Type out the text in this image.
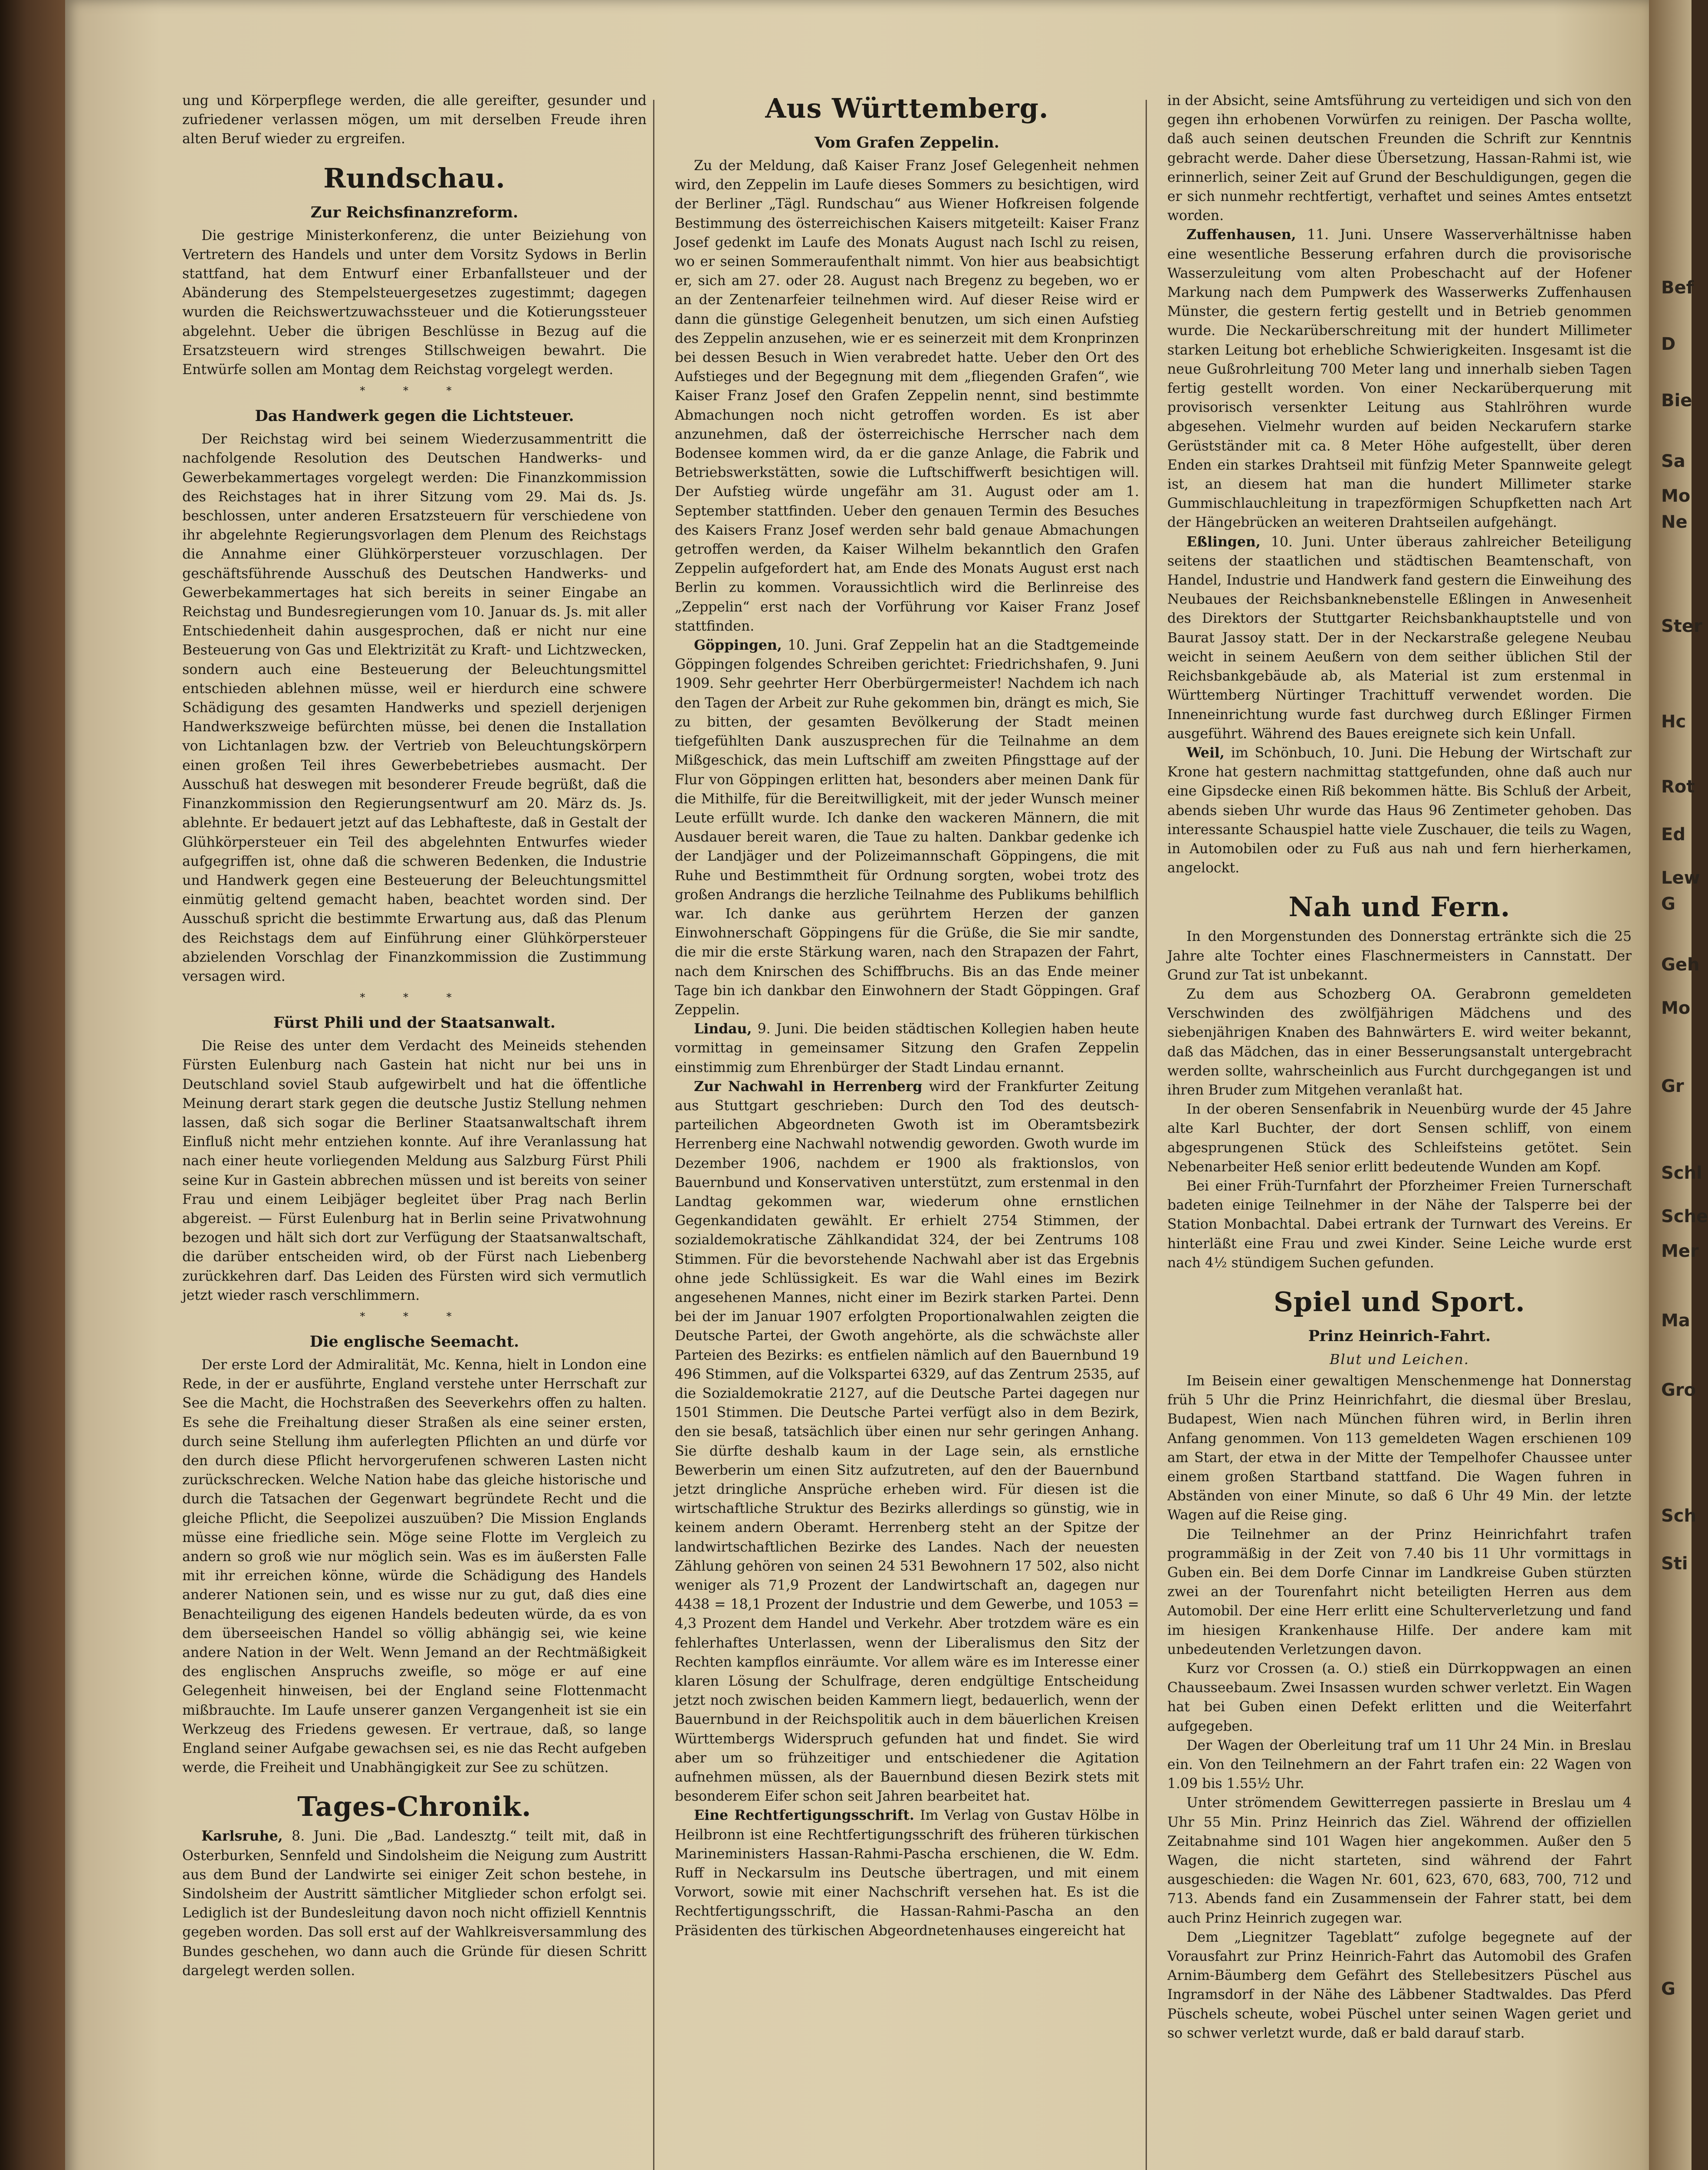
ung und Körperpflege werden, die alle gereifter, gesunder und zufriedener verlassen mögen, um mit derselben Freude ihren alten Beruf wieder zu ergreifen.

Rundschau.
Zur Reichsfinanzreform.

Die gestrige Ministerkonferenz, die unter Beiziehung von Vertretern des Handels und unter dem Vorsitz Sydows in Berlin stattfand, hat dem Entwurf einer Erbanfallsteuer und der Abänderung des Stempelsteuergesetzes zugestimmt; dagegen wurden die Reichswertzuwachssteuer und die Kotierungssteuer abgelehnt. Ueber die übrigen Beschlüsse in Bezug auf die Ersatzsteuern wird strenges Stillschweigen bewahrt. Die Entwürfe sollen am Montag dem Reichstag vorgelegt werden.

* * *
Das Handwerk gegen die Lichtsteuer.

Der Reichstag wird bei seinem Wiederzusammentritt die nachfolgende Resolution des Deutschen Handwerks- und Gewerbekammertages vorgelegt werden: Die Finanzkommission des Reichstages hat in ihrer Sitzung vom 29. Mai ds. Js. beschlossen, unter anderen Ersatzsteuern für verschiedene von ihr abgelehnte Regierungsvorlagen dem Plenum des Reichstags die Annahme einer Glühkörpersteuer vorzuschlagen. Der geschäftsführende Ausschuß des Deutschen Handwerks- und Gewerbekammertages hat sich bereits in seiner Eingabe an Reichstag und Bundesregierungen vom 10. Januar ds. Js. mit aller Entschiedenheit dahin ausgesprochen, daß er nicht nur eine Besteuerung von Gas und Elektrizität zu Kraft- und Lichtzwecken, sondern auch eine Besteuerung der Beleuchtungsmittel entschieden ablehnen müsse, weil er hierdurch eine schwere Schädigung des gesamten Handwerks und speziell derjenigen Handwerkszweige befürchten müsse, bei denen die Installation von Lichtanlagen bzw. der Vertrieb von Beleuchtungskörpern einen großen Teil ihres Gewerbebetriebes ausmacht. Der Ausschuß hat deswegen mit besonderer Freude begrüßt, daß die Finanzkommission den Regierungsentwurf am 20. März ds. Js. ablehnte. Er bedauert jetzt auf das Lebhafteste, daß in Gestalt der Glühkörpersteuer ein Teil des abgelehnten Entwurfes wieder aufgegriffen ist, ohne daß die schweren Bedenken, die Industrie und Handwerk gegen eine Besteuerung der Beleuchtungsmittel einmütig geltend gemacht haben, beachtet worden sind. Der Ausschuß spricht die bestimmte Erwartung aus, daß das Plenum des Reichstags dem auf Einführung einer Glühkörpersteuer abzielenden Vorschlag der Finanzkommission die Zustimmung versagen wird.

* * *
Fürst Phili und der Staatsanwalt.

Die Reise des unter dem Verdacht des Meineids stehenden Fürsten Eulenburg nach Gastein hat nicht nur bei uns in Deutschland soviel Staub aufgewirbelt und hat die öffentliche Meinung derart stark gegen die deutsche Justiz Stellung nehmen lassen, daß sich sogar die Berliner Staatsanwaltschaft ihrem Einfluß nicht mehr entziehen konnte. Auf ihre Veranlassung hat nach einer heute vorliegenden Meldung aus Salzburg Fürst Phili seine Kur in Gastein abbrechen müssen und ist bereits von seiner Frau und einem Leibjäger begleitet über Prag nach Berlin abgereist. — Fürst Eulenburg hat in Berlin seine Privatwohnung bezogen und hält sich dort zur Verfügung der Staatsanwaltschaft, die darüber entscheiden wird, ob der Fürst nach Liebenberg zurückkehren darf. Das Leiden des Fürsten wird sich vermutlich jetzt wieder rasch verschlimmern.

* * *
Die englische Seemacht.

Der erste Lord der Admiralität, Mc. Kenna, hielt in London eine Rede, in der er ausführte, England verstehe unter Herrschaft zur See die Macht, die Hochstraßen des Seeverkehrs offen zu halten. Es sehe die Freihaltung dieser Straßen als eine seiner ersten, durch seine Stellung ihm auferlegten Pflichten an und dürfe vor den durch diese Pflicht hervorgerufenen schweren Lasten nicht zurückschrecken. Welche Nation habe das gleiche historische und durch die Tatsachen der Gegenwart begründete Recht und die gleiche Pflicht, die Seepolizei auszuüben? Die Mission Englands müsse eine friedliche sein. Möge seine Flotte im Vergleich zu andern so groß wie nur möglich sein. Was es im äußersten Falle mit ihr erreichen könne, würde die Schädigung des Handels anderer Nationen sein, und es wisse nur zu gut, daß dies eine Benachteiligung des eigenen Handels bedeuten würde, da es von dem überseeischen Handel so völlig abhängig sei, wie keine andere Nation in der Welt. Wenn Jemand an der Rechtmäßigkeit des englischen Anspruchs zweifle, so möge er auf eine Gelegenheit hinweisen, bei der England seine Flottenmacht mißbrauchte. Im Laufe unserer ganzen Vergangenheit ist sie ein Werkzeug des Friedens gewesen. Er vertraue, daß, so lange England seiner Aufgabe gewachsen sei, es nie das Recht aufgeben werde, die Freiheit und Unabhängigkeit zur See zu schützen.

Tages-Chronik.

Karlsruhe, 8. Juni. Die „Bad. Landesztg.“ teilt mit, daß in Osterburken, Sennfeld und Sindolsheim die Neigung zum Austritt aus dem Bund der Landwirte sei einiger Zeit schon bestehe, in Sindolsheim der Austritt sämtlicher Mitglieder schon erfolgt sei. Lediglich ist der Bundesleitung davon noch nicht offiziell Kenntnis gegeben worden. Das soll erst auf der Wahlkreisversammlung des Bundes geschehen, wo dann auch die Gründe für diesen Schritt dargelegt werden sollen.

Aus Württemberg.
Vom Grafen Zeppelin.

Zu der Meldung, daß Kaiser Franz Josef Gelegenheit nehmen wird, den Zeppelin im Laufe dieses Sommers zu besichtigen, wird der Berliner „Tägl. Rundschau“ aus Wiener Hofkreisen folgende Bestimmung des österreichischen Kaisers mitgeteilt: Kaiser Franz Josef gedenkt im Laufe des Monats August nach Ischl zu reisen, wo er seinen Sommeraufenthalt nimmt. Von hier aus beabsichtigt er, sich am 27. oder 28. August nach Bregenz zu begeben, wo er an der Zentenarfeier teilnehmen wird. Auf dieser Reise wird er dann die günstige Gelegenheit benutzen, um sich einen Aufstieg des Zeppelin anzusehen, wie er es seinerzeit mit dem Kronprinzen bei dessen Besuch in Wien verabredet hatte. Ueber den Ort des Aufstieges und der Begegnung mit dem „fliegenden Grafen“, wie Kaiser Franz Josef den Grafen Zeppelin nennt, sind bestimmte Abmachungen noch nicht getroffen worden. Es ist aber anzunehmen, daß der österreichische Herrscher nach dem Bodensee kommen wird, da er die ganze Anlage, die Fabrik und Betriebswerkstätten, sowie die Luftschiffwerft besichtigen will. Der Aufstieg würde ungefähr am 31. August oder am 1. September stattfinden. Ueber den genauen Termin des Besuches des Kaisers Franz Josef werden sehr bald genaue Abmachungen getroffen werden, da Kaiser Wilhelm bekanntlich den Grafen Zeppelin aufgefordert hat, am Ende des Monats August erst nach Berlin zu kommen. Voraussichtlich wird die Berlinreise des „Zeppelin“ erst nach der Vorführung vor Kaiser Franz Josef stattfinden.

Göppingen, 10. Juni. Graf Zeppelin hat an die Stadtgemeinde Göppingen folgendes Schreiben gerichtet: Friedrichshafen, 9. Juni 1909. Sehr geehrter Herr Oberbürgermeister! Nachdem ich nach den Tagen der Arbeit zur Ruhe gekommen bin, drängt es mich, Sie zu bitten, der gesamten Bevölkerung der Stadt meinen tiefgefühlten Dank auszusprechen für die Teilnahme an dem Mißgeschick, das mein Luftschiff am zweiten Pfingsttage auf der Flur von Göppingen erlitten hat, besonders aber meinen Dank für die Mithilfe, für die Bereitwilligkeit, mit der jeder Wunsch meiner Leute erfüllt wurde. Ich danke den wackeren Männern, die mit Ausdauer bereit waren, die Taue zu halten. Dankbar gedenke ich der Landjäger und der Polizeimannschaft Göppingens, die mit Ruhe und Bestimmtheit für Ordnung sorgten, wobei trotz des großen Andrangs die herzliche Teilnahme des Publikums behilflich war. Ich danke aus gerührtem Herzen der ganzen Einwohnerschaft Göppingens für die Grüße, die Sie mir sandte, die mir die erste Stärkung waren, nach den Strapazen der Fahrt, nach dem Knirschen des Schiffbruchs. Bis an das Ende meiner Tage bin ich dankbar den Einwohnern der Stadt Göppingen. Graf Zeppelin.

Lindau, 9. Juni. Die beiden städtischen Kollegien haben heute vormittag in gemeinsamer Sitzung den Grafen Zeppelin einstimmig zum Ehrenbürger der Stadt Lindau ernannt.

Zur Nachwahl in Herrenberg wird der Frankfurter Zeitung aus Stuttgart geschrieben: Durch den Tod des deutsch-parteilichen Abgeordneten Gwoth ist im Oberamtsbezirk Herrenberg eine Nachwahl notwendig geworden. Gwoth wurde im Dezember 1906, nachdem er 1900 als fraktionslos, von Bauernbund und Konservativen unterstützt, zum erstenmal in den Landtag gekommen war, wiederum ohne ernstlichen Gegenkandidaten gewählt. Er erhielt 2754 Stimmen, der sozialdemokratische Zählkandidat 324, der bei Zentrums 108 Stimmen. Für die bevorstehende Nachwahl aber ist das Ergebnis ohne jede Schlüssigkeit. Es war die Wahl eines im Bezirk angesehenen Mannes, nicht einer im Bezirk starken Partei. Denn bei der im Januar 1907 erfolgten Proportionalwahlen zeigten die Deutsche Partei, der Gwoth angehörte, als die schwächste aller Parteien des Bezirks: es entfielen nämlich auf den Bauernbund 19 496 Stimmen, auf die Volkspartei 6329, auf das Zentrum 2535, auf die Sozialdemokratie 2127, auf die Deutsche Partei dagegen nur 1501 Stimmen. Die Deutsche Partei verfügt also in dem Bezirk, den sie besaß, tatsächlich über einen nur sehr geringen Anhang. Sie dürfte deshalb kaum in der Lage sein, als ernstliche Bewerberin um einen Sitz aufzutreten, auf den der Bauernbund jetzt dringliche Ansprüche erheben wird. Für diesen ist die wirtschaftliche Struktur des Bezirks allerdings so günstig, wie in keinem andern Oberamt. Herrenberg steht an der Spitze der landwirtschaftlichen Bezirke des Landes. Nach der neuesten Zählung gehören von seinen 24 531 Bewohnern 17 502, also nicht weniger als 71,9 Prozent der Landwirtschaft an, dagegen nur 4438 = 18,1 Prozent der Industrie und dem Gewerbe, und 1053 = 4,3 Prozent dem Handel und Verkehr. Aber trotzdem wäre es ein fehlerhaftes Unterlassen, wenn der Liberalismus den Sitz der Rechten kampflos einräumte. Vor allem wäre es im Interesse einer klaren Lösung der Schulfrage, deren endgültige Entscheidung jetzt noch zwischen beiden Kammern liegt, bedauerlich, wenn der Bauernbund in der Reichspolitik auch in dem bäuerlichen Kreisen Württembergs Widerspruch gefunden hat und findet. Sie wird aber um so frühzeitiger und entschiedener die Agitation aufnehmen müssen, als der Bauernbund diesen Bezirk stets mit besonderem Eifer schon seit Jahren bearbeitet hat.

Eine Rechtfertigungsschrift. Im Verlag von Gustav Hölbe in Heilbronn ist eine Rechtfertigungsschrift des früheren türkischen Marineministers Hassan-Rahmi-Pascha erschienen, die W. Edm. Ruff in Neckarsulm ins Deutsche übertragen, und mit einem Vorwort, sowie mit einer Nachschrift versehen hat. Es ist die Rechtfertigungsschrift, die Hassan-Rahmi-Pascha an den Präsidenten des türkischen Abgeordnetenhauses eingereicht hat

in der Absicht, seine Amtsführung zu verteidigen und sich von den gegen ihn erhobenen Vorwürfen zu reinigen. Der Pascha wollte, daß auch seinen deutschen Freunden die Schrift zur Kenntnis gebracht werde. Daher diese Übersetzung, Hassan-Rahmi ist, wie erinnerlich, seiner Zeit auf Grund der Beschuldigungen, gegen die er sich nunmehr rechtfertigt, verhaftet und seines Amtes entsetzt worden.

Zuffenhausen, 11. Juni. Unsere Wasserverhältnisse haben eine wesentliche Besserung erfahren durch die provisorische Wasserzuleitung vom alten Probeschacht auf der Hofener Markung nach dem Pumpwerk des Wasserwerks Zuffenhausen Münster, die gestern fertig gestellt und in Betrieb genommen wurde. Die Neckarüberschreitung mit der hundert Millimeter starken Leitung bot erhebliche Schwierigkeiten. Insgesamt ist die neue Gußrohrleitung 700 Meter lang und innerhalb sieben Tagen fertig gestellt worden. Von einer Neckarüberquerung mit provisorisch versenkter Leitung aus Stahlröhren wurde abgesehen. Vielmehr wurden auf beiden Neckarufern starke Gerüstständer mit ca. 8 Meter Höhe aufgestellt, über deren Enden ein starkes Drahtseil mit fünfzig Meter Spannweite gelegt ist, an diesem hat man die hundert Millimeter starke Gummischlauchleitung in trapezförmigen Schupfketten nach Art der Hängebrücken an weiteren Drahtseilen aufgehängt.

Eßlingen, 10. Juni. Unter überaus zahlreicher Beteiligung seitens der staatlichen und städtischen Beamtenschaft, von Handel, Industrie und Handwerk fand gestern die Einweihung des Neubaues der Reichsbanknebenstelle Eßlingen in Anwesenheit des Direktors der Stuttgarter Reichsbankhauptstelle und von Baurat Jassoy statt. Der in der Neckarstraße gelegene Neubau weicht in seinem Aeußern von dem seither üblichen Stil der Reichsbankgebäude ab, als Material ist zum erstenmal in Württemberg Nürtinger Trachittuff verwendet worden. Die Inneneinrichtung wurde fast durchweg durch Eßlinger Firmen ausgeführt. Während des Baues ereignete sich kein Unfall.

Weil, im Schönbuch, 10. Juni. Die Hebung der Wirtschaft zur Krone hat gestern nachmittag stattgefunden, ohne daß auch nur eine Gipsdecke einen Riß bekommen hätte. Bis Schluß der Arbeit, abends sieben Uhr wurde das Haus 96 Zentimeter gehoben. Das interessante Schauspiel hatte viele Zuschauer, die teils zu Wagen, in Automobilen oder zu Fuß aus nah und fern hierherkamen, angelockt.

Nah und Fern.

In den Morgenstunden des Donnerstag ertränkte sich die 25 Jahre alte Tochter eines Flaschnermeisters in Cannstatt. Der Grund zur Tat ist unbekannt.

Zu dem aus Schozberg OA. Gerabronn gemeldeten Verschwinden des zwölfjährigen Mädchens und des siebenjährigen Knaben des Bahnwärters E. wird weiter bekannt, daß das Mädchen, das in einer Besserungsanstalt untergebracht werden sollte, wahrscheinlich aus Furcht durchgegangen ist und ihren Bruder zum Mitgehen veranlaßt hat.

In der oberen Sensenfabrik in Neuenbürg wurde der 45 Jahre alte Karl Buchter, der dort Sensen schliff, von einem abgesprungenen Stück des Schleifsteins getötet. Sein Nebenarbeiter Heß senior erlitt bedeutende Wunden am Kopf.

Bei einer Früh-Turnfahrt der Pforzheimer Freien Turnerschaft badeten einige Teilnehmer in der Nähe der Talsperre bei der Station Monbachtal. Dabei ertrank der Turnwart des Vereins. Er hinterläßt eine Frau und zwei Kinder. Seine Leiche wurde erst nach 4½ stündigem Suchen gefunden.

Spiel und Sport.
Prinz Heinrich-Fahrt.
Blut und Leichen.

Im Beisein einer gewaltigen Menschenmenge hat Donnerstag früh 5 Uhr die Prinz Heinrichfahrt, die diesmal über Breslau, Budapest, Wien nach München führen wird, in Berlin ihren Anfang genommen. Von 113 gemeldeten Wagen erschienen 109 am Start, der etwa in der Mitte der Tempelhofer Chaussee unter einem großen Startband stattfand. Die Wagen fuhren in Abständen von einer Minute, so daß 6 Uhr 49 Min. der letzte Wagen auf die Reise ging.

Die Teilnehmer an der Prinz Heinrichfahrt trafen programmäßig in der Zeit von 7.40 bis 11 Uhr vormittags in Guben ein. Bei dem Dorfe Cinnar im Landkreise Guben stürzten zwei an der Tourenfahrt nicht beteiligten Herren aus dem Automobil. Der eine Herr erlitt eine Schulterverletzung und fand im hiesigen Krankenhause Hilfe. Der andere kam mit unbedeutenden Verletzungen davon.

Kurz vor Crossen (a. O.) stieß ein Dürrkoppwagen an einen Chausseebaum. Zwei Insassen wurden schwer verletzt. Ein Wagen hat bei Guben einen Defekt erlitten und die Weiterfahrt aufgegeben.

Der Wagen der Oberleitung traf um 11 Uhr 24 Min. in Breslau ein. Von den Teilnehmern an der Fahrt trafen ein: 22 Wagen von 1.09 bis 1.55½ Uhr.

Unter strömendem Gewitterregen passierte in Breslau um 4 Uhr 55 Min. Prinz Heinrich das Ziel. Während der offiziellen Zeitabnahme sind 101 Wagen hier angekommen. Außer den 5 Wagen, die nicht starteten, sind während der Fahrt ausgeschieden: die Wagen Nr. 601, 623, 670, 683, 700, 712 und 713. Abends fand ein Zusammensein der Fahrer statt, bei dem auch Prinz Heinrich zugegen war.

Dem „Liegnitzer Tageblatt“ zufolge begegnete auf der Vorausfahrt zur Prinz Heinrich-Fahrt das Automobil des Grafen Arnim-Bäumberg dem Gefährt des Stellebesitzers Püschel aus Ingramsdorf in der Nähe des Läbbener Stadtwaldes. Das Pferd Püschels scheute, wobei Püschel unter seinen Wagen geriet und so schwer verletzt wurde, daß er bald darauf starb.

Bef
D
Bie
Sa
Mo
Ne
Ster
Hc
Rot
Ed
Lew
G
Geh
Mo
Gr
Schl
Sche
Mer
Ma
Gro
Sch
Sti
G
